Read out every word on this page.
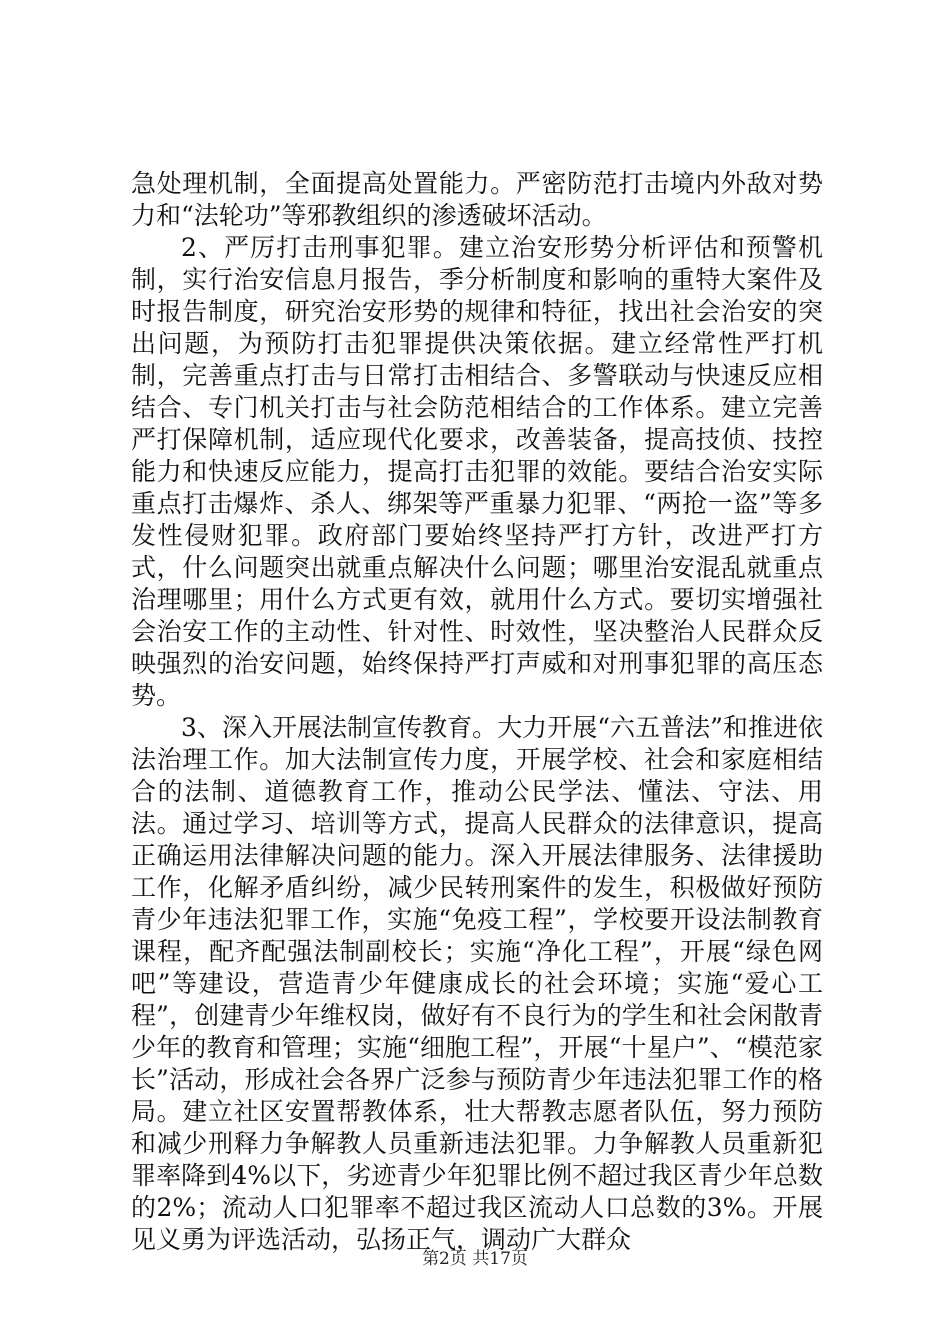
急处理机制，全面提高处置能力。严密防范打击境内外敌对势力和“法轮功”等邪教组织的渗透破坏活动。

2、严厉打击刑事犯罪。建立治安形势分析评估和预警机制，实行治安信息月报告，季分析制度和影响的重特大案件及时报告制度，研究治安形势的规律和特征，找出社会治安的突出问题，为预防打击犯罪提供决策依据。建立经常性严打机制，完善重点打击与日常打击相结合、多警联动与快速反应相结合、专门机关打击与社会防范相结合的工作体系。建立完善严打保障机制，适应现代化要求，改善装备，提高技侦、技控能力和快速反应能力，提高打击犯罪的效能。要结合治安实际重点打击爆炸、杀人、绑架等严重暴力犯罪、“两抢一盗”等多发性侵财犯罪。政府部门要始终坚持严打方针，改进严打方式，什么问题突出就重点解决什么问题；哪里治安混乱就重点治理哪里；用什么方式更有效，就用什么方式。要切实增强社会治安工作的主动性、针对性、时效性，坚决整治人民群众反映强烈的治安问题，始终保持严打声威和对刑事犯罪的高压态势。

3、深入开展法制宣传教育。大力开展“六五普法”和推进依法治理工作。加大法制宣传力度，开展学校、社会和家庭相结合的法制、道德教育工作，推动公民学法、懂法、守法、用法。通过学习、培训等方式，提高人民群众的法律意识，提高正确运用法律解决问题的能力。深入开展法律服务、法律援助工作，化解矛盾纠纷，减少民转刑案件的发生，积极做好预防青少年违法犯罪工作，实施“免疫工程”，学校要开设法制教育课程，配齐配强法制副校长；实施“净化工程”，开展“绿色网吧”等建设，营造青少年健康成长的社会环境；实施“爱心工程”，创建青少年维权岗，做好有不良行为的学生和社会闲散青少年的教育和管理；实施“细胞工程”，开展“十星户”、“模范家长”活动，形成社会各界广泛参与预防青少年违法犯罪工作的格局。建立社区安置帮教体系，壮大帮教志愿者队伍，努力预防和减少刑释力争解教人员重新违法犯罪。力争解教人员重新犯罪率降到4%以下，劣迹青少年犯罪比例不超过我区青少年总数的2%；流动人口犯罪率不超过我区流动人口总数的3%。开展见义勇为评选活动，弘扬正气，调动广大群众

第2页 共17页
